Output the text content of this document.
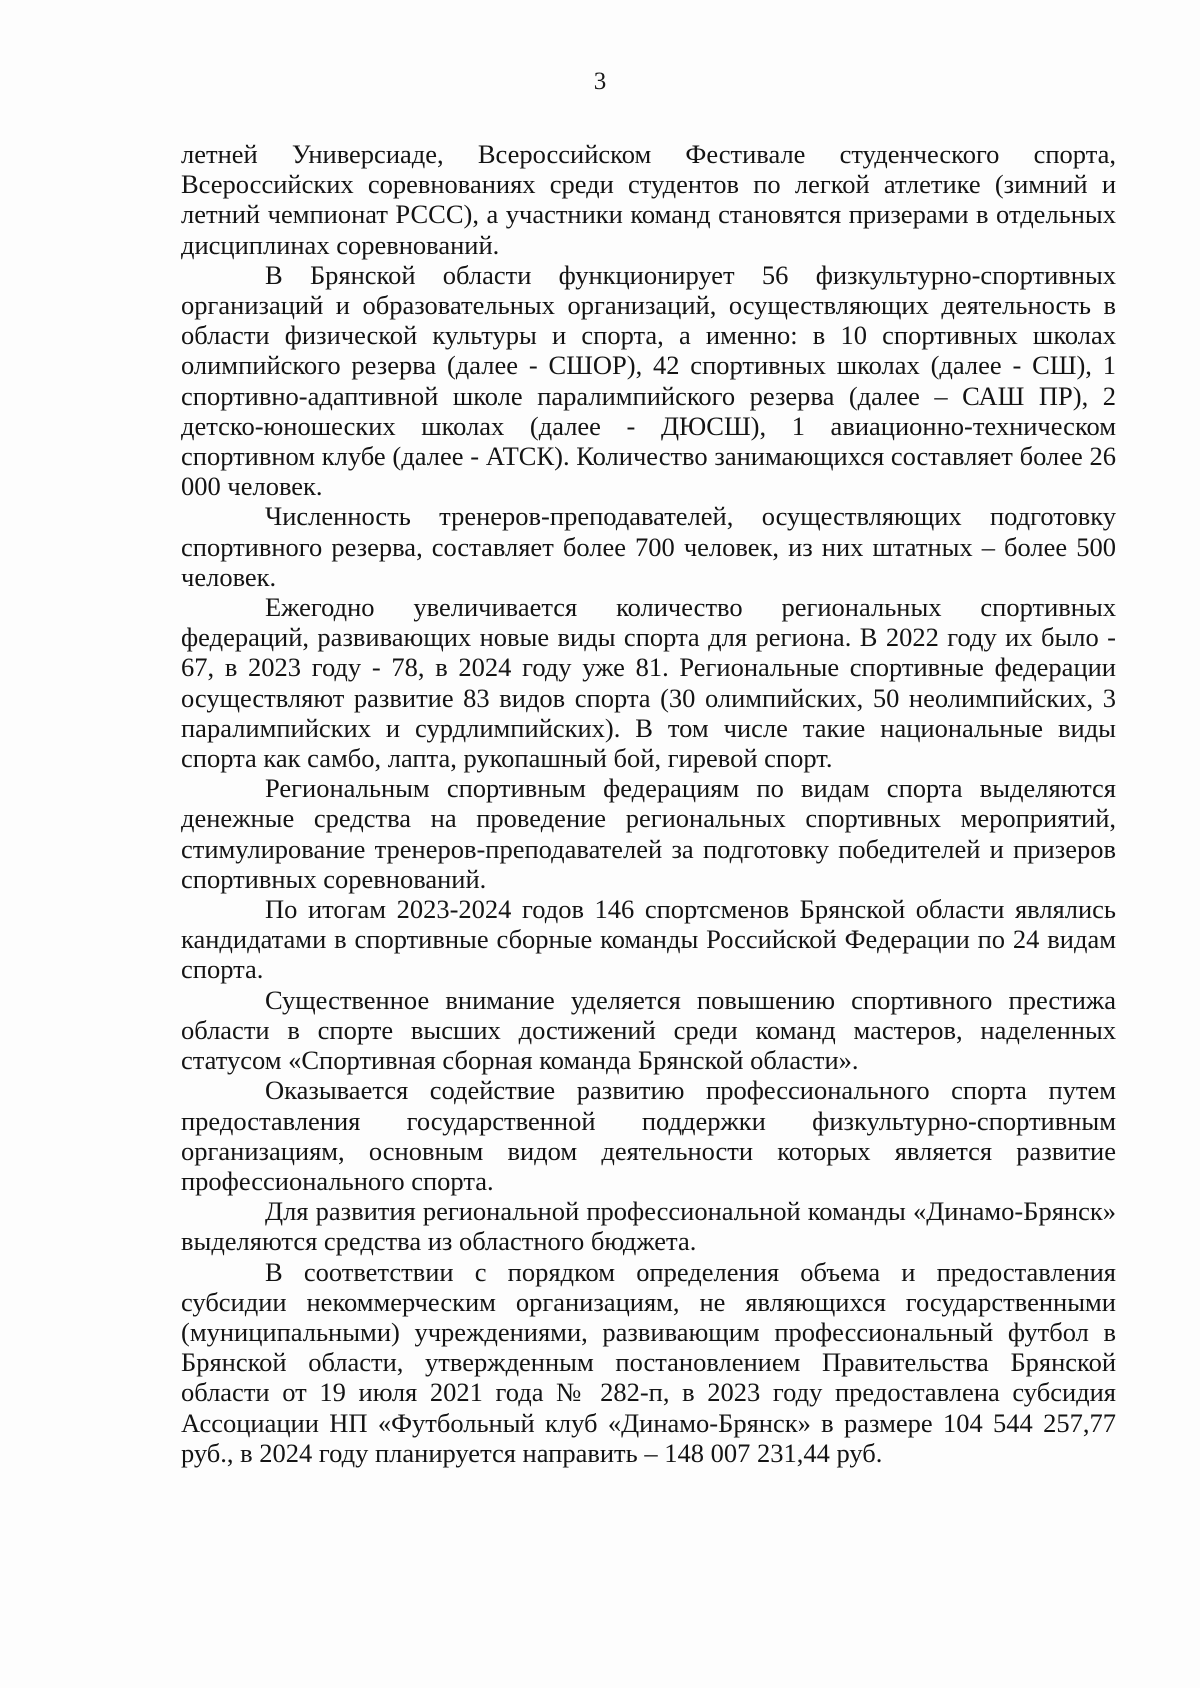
3

летней Универсиаде, Всероссийском Фестивале студенческого спорта, Всероссийских соревнованиях среди студентов по легкой атлетике (зимний и летний чемпионат РССС), а участники команд становятся призерами в отдельных дисциплинах соревнований.

В Брянской области функционирует 56 физкультурно-спортивных организаций и образовательных организаций, осуществляющих деятельность в области физической культуры и спорта, а именно: в 10 спортивных школах олимпийского резерва (далее - СШОР), 42 спортивных школах (далее - СШ), 1 спортивно-адаптивной школе паралимпийского резерва (далее – САШ ПР), 2 детско-юношеских школах (далее - ДЮСШ), 1 авиационно-техническом спортивном клубе (далее - АТСК). Количество занимающихся составляет более 26 000 человек.

Численность тренеров-преподавателей, осуществляющих подготовку спортивного резерва, составляет более 700 человек, из них штатных – более 500 человек.

Ежегодно увеличивается количество региональных спортивных федераций, развивающих новые виды спорта для региона. В 2022 году их было - 67, в 2023 году - 78, в 2024 году уже 81. Региональные спортивные федерации осуществляют развитие 83 видов спорта (30 олимпийских, 50 неолимпийских, 3 паралимпийских и сурдлимпийских). В том числе такие национальные виды спорта как самбо, лапта, рукопашный бой, гиревой спорт.

Региональным спортивным федерациям по видам спорта выделяются денежные средства на проведение региональных спортивных мероприятий, стимулирование тренеров-преподавателей за подготовку победителей и призеров спортивных соревнований.

По итогам 2023-2024 годов 146 спортсменов Брянской области являлись кандидатами в спортивные сборные команды Российской Федерации по 24 видам спорта.

Существенное внимание уделяется повышению спортивного престижа области в спорте высших достижений среди команд мастеров, наделенных статусом «Спортивная сборная команда Брянской области».

Оказывается содействие развитию профессионального спорта путем предоставления государственной поддержки физкультурно-спортивным организациям, основным видом деятельности которых является развитие профессионального спорта.

Для развития региональной профессиональной команды «Динамо-Брянск» выделяются средства из областного бюджета.

В соответствии с порядком определения объема и предоставления субсидии некоммерческим организациям, не являющихся государственными (муниципальными) учреждениями, развивающим профессиональный футбол в Брянской области, утвержденным постановлением Правительства Брянской области от 19 июля 2021 года № 282-п, в 2023 году предоставлена субсидия Ассоциации НП «Футбольный клуб «Динамо-Брянск» в размере 104 544 257,77 руб., в 2024 году планируется направить – 148 007 231,44 руб.
